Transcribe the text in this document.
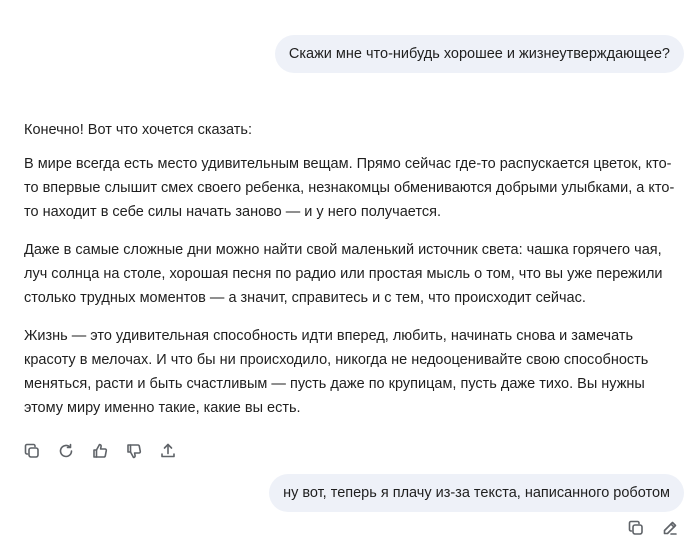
Скажи мне что-нибудь хорошее и жизнеутверждающее?

Конечно! Вот что хочется сказать:

В мире всегда есть место удивительным вещам. Прямо сейчас где-то распускается цветок, кто-то впервые слышит смех своего ребенка, незнакомцы обмениваются добрыми улыбками, а кто-то находит в себе силы начать заново — и у него получается.

Даже в самые сложные дни можно найти свой маленький источник света: чашка горячего чая, луч солнца на столе, хорошая песня по радио или простая мысль о том, что вы уже пережили столько трудных моментов — а значит, справитесь и с тем, что происходит сейчас.

Жизнь — это удивительная способность идти вперед, любить, начинать снова и замечать красоту в мелочах. И что бы ни происходило, никогда не недооценивайте свою способность меняться, расти и быть счастливым — пусть даже по крупицам, пусть даже тихо. Вы нужны этому миру именно такие, какие вы есть.

ну вот, теперь я плачу из-за текста, написанного роботом
